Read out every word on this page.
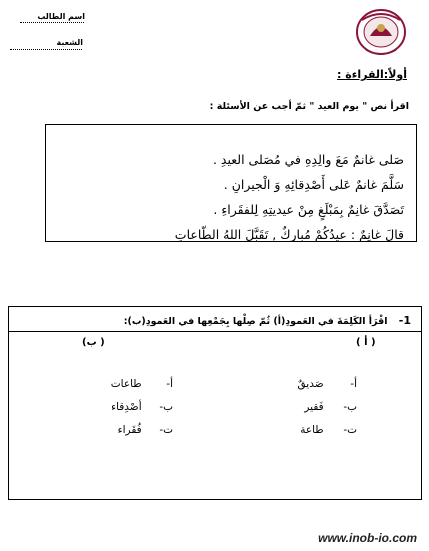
اسم الطالب
الشعبة
أولاً:القراءة :
اقرأ نص " يوم العيد " ثمّ أجب عن الأسئلة :
صَلى غانمٌ مَعَ والِدِهِ في مُصَلى العيدِ .
سَلَّمَ غانمٌ عَلى أَصْدِقائِهِ وَ الْجيرانِ .
تَصَدَّقَ غانِمٌ بِمَبْلَغٍ مِنْ عيديتِهِ لِلفقَراءِ .
قالَ غانِمٌ : عيدُكُمْ مُباركٌ , تَقَبَّلَ اللهُ الطّاعاتِ
1- اقْرَأ الكَلِمَةَ في العَمودِ(أ) ثُمّ صِلْها بِجَمْعِها في العَمودِ(ب):
( أ )
(ب )
أ- صَديقٌ
ب- فَقير
ت- طاعة
أ- طاعات
ب- أصْدِقاء
ت- فُقَراء
www.inob-io.com
